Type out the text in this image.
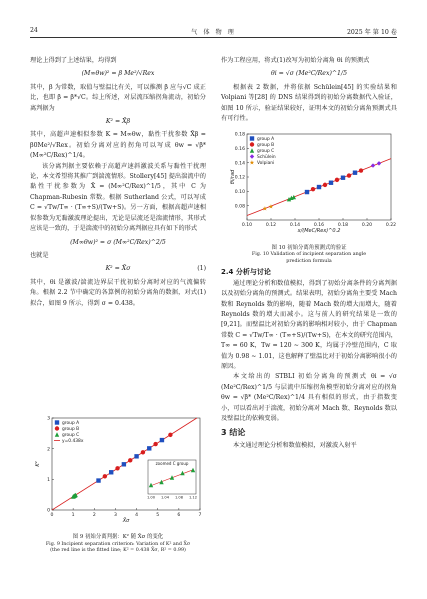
24	气 体 物 理	2025 年 第 10 卷

理论上得到了上述结果，均得到

(M∞θw)² = β Me²/√Rex

其中，β 为常数，取值与壁温比有关，可以推测 β 应与√C 成正比，也即 β = β*√C。综上所述，对层流压缩拐角流动，初始分离判据为

K² = X̄β

其中，高超声速相似参数 K = M∞θw，黏性干扰参数 X̄β = β0Me²/√Rex。初始分离对应的拐角可以写成 θw = √β* (M∞²C/Rex)^1/4。

该分离判据主要依赖于高超声速斜激波关系与黏性干扰理论，本文希望将其推广到湍流情形。Stollery[45] 提出湍流中的黏性干扰参数为 X̄ = (M∞²C/Rex)^1/5，其中 C 为 Chapman-Rubesin 常数。根据 Sutherland 公式，可以写成 C = √Tw/T∞ · (T∞+S)/(Tw+S)。另一方面，根据高超声速相似参数为无黏激波理论提出，无论是层流还是湍流情形，其形式应该是一致的，于是湍流中的初始分离判据应具有如下的形式

(M∞θw)² = σ (M∞²C/Rex)^2/5

也就是

K² = X̄σ	(1)

其中，θi 是激波/湍流边界层干扰初始分离时对应的气流偏转角。根据 2.2 节中确定的各算例的初始分离角的数据，对式(1)拟合，如图 9 所示，得到 σ = 0.438。

0	1	2	3	4	5	6	7
0
1
2
3
X̄σ
K²
group A
group B
group C
y=0.438x
zoomed C group
1.00 1.04 1.08 1.12
图 9 初始分离判据：K² 随 X̄σ 的变化
Fig. 9 Incipient separation criterion: Variation of K² and X̄σ
(the red line is the fitted line; K² = 0.438 X̄σ, R² = 0.99)

作为工程应用，将式(1)改写为初始分离角 θi 的预测式

θi = √σ (Me²C/Rex)^1/5

根据表 2 数据，并将依据 Schülein[45] 的实验结果和 Volpiani 等[28] 的 DNS 结果得到的初始分离数据代入验证，如图 10 所示，验证结果较好，证明本文的初始分离角预测式具有可行性。

0.10	0.12	0.14	0.16	0.18	0.20	0.22
0.08
0.10
0.12
0.14
0.16
0.18
x/(MeC/Rex)^0.2
θi/rad
★ ★
group A
group B
group C
Schülein
★ Volpiani
图 10 初始分离角预测式的验证
Fig. 10 Validation of incipient separation angle
prediction formula
2.4 分析与讨论

通过理论分析和数值模拟，得到了初始分离条件的分离判据以及初始分离角的预测式。结果表明，初始分离角主要受 Mach 数和 Reynolds 数的影响，随着 Mach 数的增大而增大，随着 Reynolds 数的增大而减小。这与前人的研究结果是一致的[9,21]。而壁温比对初始分离的影响相对较小，由于 Chapman 常数 C = √Tw/T∞ · (T∞+S)/(Tw+S)，在本文的研究范围内，T∞ = 60 K，Tw = 120 ~ 300 K，均属于冷壁范围内，C 取值为 0.98 ~ 1.01，这也解释了壁温比对于初始分离影响很小的原因。

本文给出的 STBLI 初始分离角的预测式 θi = √σ (Me²C/Rex)^1/5 与层流中压缩拐角模型初始分离对应的拐角 θw = √β* (Me²C/Rex)^1/4 具有相似的形式，由于指数变小，可以看出对于湍流，初始分离对 Mach 数、Reynolds 数以及壁温比的依赖变弱。

3 结论

本文通过理论分析和数值模拟，对激波入射平
